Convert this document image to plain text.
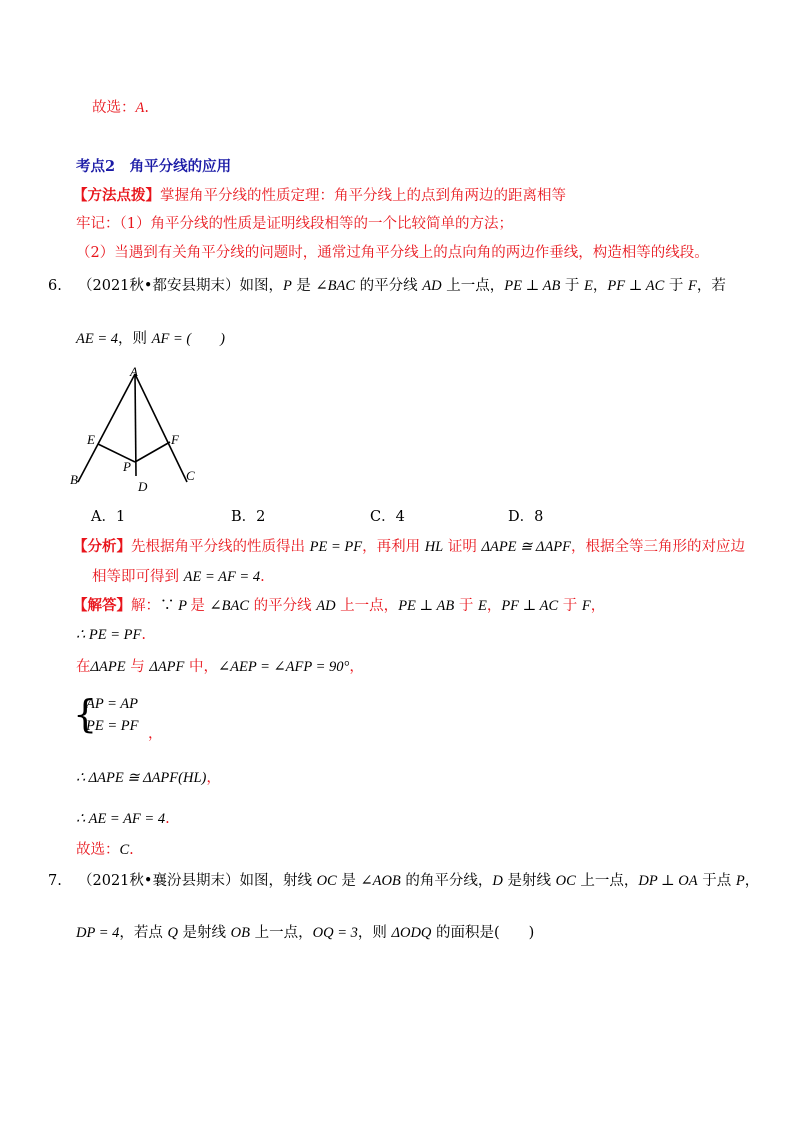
故选：A.
考点2　角平分线的应用
【方法点拨】掌握角平分线的性质定理：角平分线上的点到角两边的距离相等
牢记：（1）角平分线的性质是证明线段相等的一个比较简单的方法；
（2）当遇到有关角平分线的问题时，通常过角平分线上的点向角的两边作垂线，构造相等的线段。
6. （2021秋•都安县期末）如图，P 是 ∠BAC 的平分线 AD 上一点，PE ⊥ AB 于 E，PF ⊥ AC 于 F，若
AE = 4，则 AF = (　　)
A
B	C
D
E	F
P
A．1	B．2	C．4	D．8
【分析】先根据角平分线的性质得出 PE = PF，再利用 HL 证明 ΔAPE ≅ ΔAPF，根据全等三角形的对应边
相等即可得到 AE = AF = 4.
【解答】解：∵ P 是 ∠BAC 的平分线 AD 上一点，PE ⊥ AB 于 E，PF ⊥ AC 于 F，
∴ PE = PF.
在ΔAPE 与 ΔAPF 中，∠AEP = ∠AFP = 90°，
{
AP = AP
PE = PF ，
∴ ΔAPE ≅ ΔAPF(HL)，
∴ AE = AF = 4.
故选：C.
7. （2021秋•襄汾县期末）如图，射线 OC 是 ∠AOB 的角平分线，D 是射线 OC 上一点，DP ⊥ OA 于点 P，
DP = 4，若点 Q 是射线 OB 上一点，OQ = 3，则 ΔODQ 的面积是(　　)
